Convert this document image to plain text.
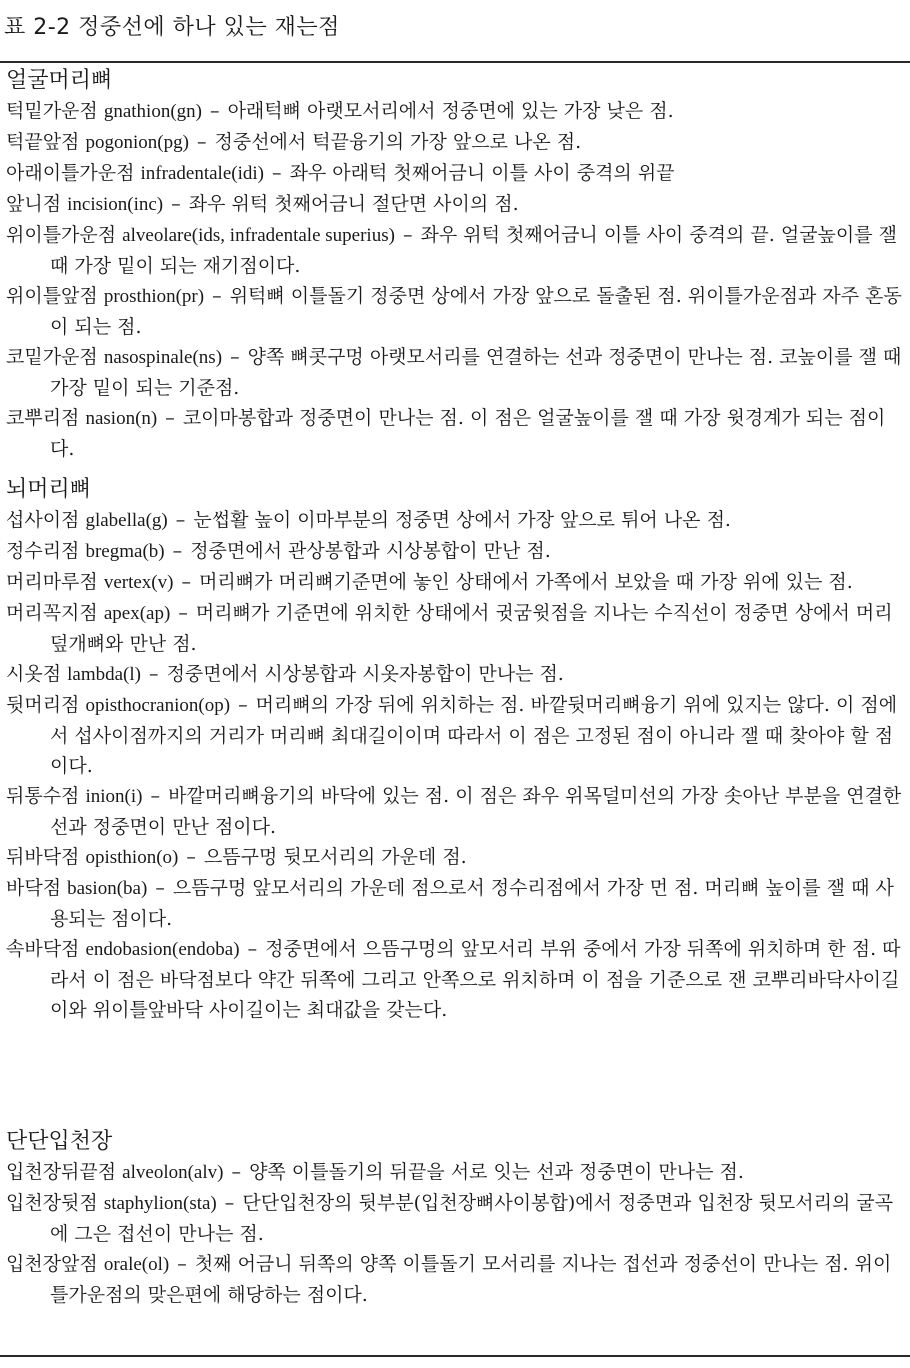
표 2-2 정중선에 하나 있는 재는점
얼굴머리뼈
턱밑가운점 gnathion(gn) – 아래턱뼈 아랫모서리에서 정중면에 있는 가장 낮은 점.
턱끝앞점 pogonion(pg) – 정중선에서 턱끝융기의 가장 앞으로 나온 점.
아래이틀가운점 infradentale(idi) – 좌우 아래턱 첫째어금니 이틀 사이 중격의 위끝
앞니점 incision(inc) – 좌우 위턱 첫째어금니 절단면 사이의 점.
위이틀가운점 alveolare(ids, infradentale superius) – 좌우 위턱 첫째어금니 이틀 사이 중격의 끝. 얼굴높이를 잴 때 가장 밑이 되는 재기점이다.
위이틀앞점 prosthion(pr) – 위턱뼈 이틀돌기 정중면 상에서 가장 앞으로 돌출된 점. 위이틀가운점과 자주 혼동이 되는 점.
코밑가운점 nasospinale(ns) – 양쪽 뼈콧구멍 아랫모서리를 연결하는 선과 정중면이 만나는 점. 코높이를 잴 때 가장 밑이 되는 기준점.
코뿌리점 nasion(n) – 코이마봉합과 정중면이 만나는 점. 이 점은 얼굴높이를 잴 때 가장 윗경계가 되는 점이다.
뇌머리뼈
섭사이점 glabella(g) – 눈썹활 높이 이마부분의 정중면 상에서 가장 앞으로 튀어 나온 점.
정수리점 bregma(b) – 정중면에서 관상봉합과 시상봉합이 만난 점.
머리마루점 vertex(v) – 머리뼈가 머리뼈기준면에 놓인 상태에서 가쪽에서 보았을 때 가장 위에 있는 점.
머리꼭지점 apex(ap) – 머리뼈가 기준면에 위치한 상태에서 귓굼윗점을 지나는 수직선이 정중면 상에서 머리덮개뼈와 만난 점.
시옷점 lambda(l) – 정중면에서 시상봉합과 시옷자봉합이 만나는 점.
뒷머리점 opisthocranion(op) – 머리뼈의 가장 뒤에 위치하는 점. 바깥뒷머리뼈융기 위에 있지는 않다. 이 점에서 섭사이점까지의 거리가 머리뼈 최대길이이며 따라서 이 점은 고정된 점이 아니라 잴 때 찾아야 할 점이다.
뒤통수점 inion(i) – 바깥머리뼈융기의 바닥에 있는 점. 이 점은 좌우 위목덜미선의 가장 솟아난 부분을 연결한 선과 정중면이 만난 점이다.
뒤바닥점 opisthion(o) – 으뜸구멍 뒷모서리의 가운데 점.
바닥점 basion(ba) – 으뜸구멍 앞모서리의 가운데 점으로서 정수리점에서 가장 먼 점. 머리뼈 높이를 잴 때 사용되는 점이다.
속바닥점 endobasion(endoba) – 정중면에서 으뜸구멍의 앞모서리 부위 중에서 가장 뒤쪽에 위치하며 한 점. 따라서 이 점은 바닥점보다 약간 뒤쪽에 그리고 안쪽으로 위치하며 이 점을 기준으로 잰 코뿌리바닥사이길이와 위이틀앞바닥 사이길이는 최대값을 갖는다.
단단입천장
입천장뒤끝점 alveolon(alv) – 양쪽 이틀돌기의 뒤끝을 서로 잇는 선과 정중면이 만나는 점.
입천장뒷점 staphylion(sta) – 단단입천장의 뒷부분(입천장뼈사이봉합)에서 정중면과 입천장 뒷모서리의 굴곡에 그은 접선이 만나는 점.
입천장앞점 orale(ol) – 첫째 어금니 뒤쪽의 양쪽 이틀돌기 모서리를 지나는 접선과 정중선이 만나는 점. 위이틀가운점의 맞은편에 해당하는 점이다.
